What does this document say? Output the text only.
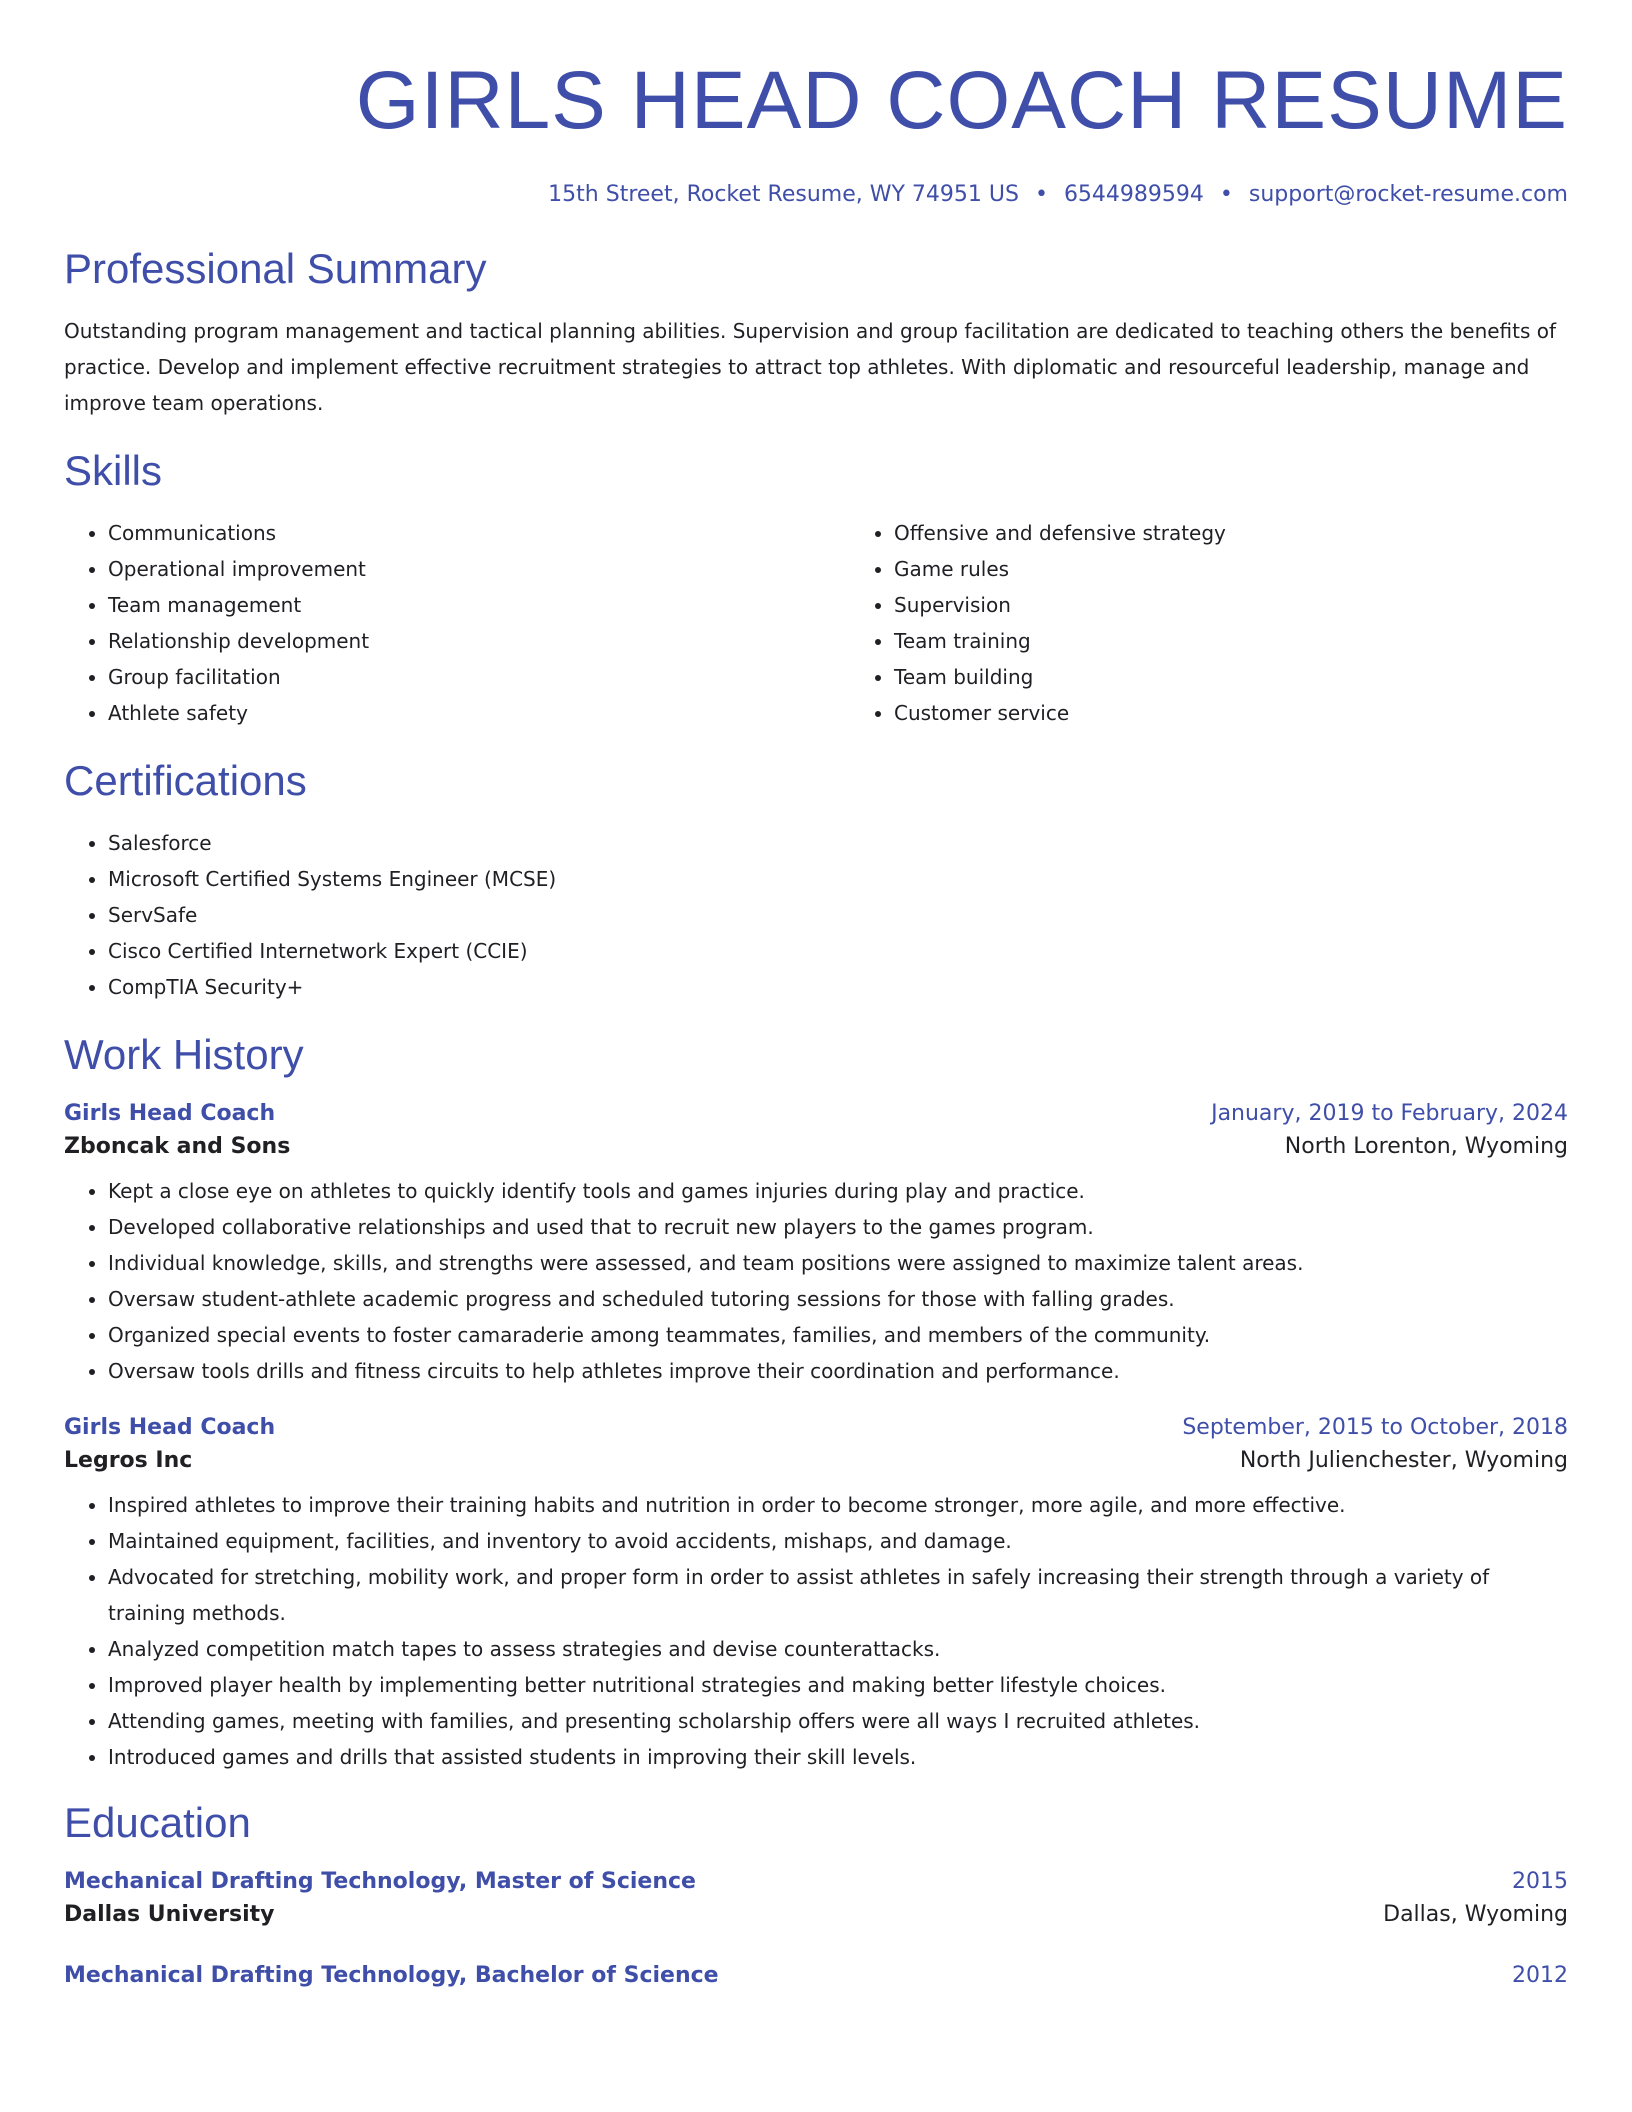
GIRLS HEAD COACH RESUME
15th Street, Rocket Resume, WY 74951 US • 6544989594 • support@rocket-resume.com
Professional Summary

Outstanding program management and tactical planning abilities. Supervision and group facilitation are dedicated to teaching others the benefits of practice. Develop and implement effective recruitment strategies to attract top athletes. With diplomatic and resourceful leadership, manage and improve team operations.

Skills
• Communications
• Operational improvement
• Team management
• Relationship development
• Group facilitation
• Athlete safety
• Offensive and defensive strategy
• Game rules
• Supervision
• Team training
• Team building
• Customer service
Certifications
• Salesforce
• Microsoft Certified Systems Engineer (MCSE)
• ServSafe
• Cisco Certified Internetwork Expert (CCIE)
• CompTIA Security+
Work History
Girls Head Coach	January, 2019 to February, 2024
Zboncak and Sons	North Lorenton, Wyoming
• Kept a close eye on athletes to quickly identify tools and games injuries during play and practice.
• Developed collaborative relationships and used that to recruit new players to the games program.
• Individual knowledge, skills, and strengths were assessed, and team positions were assigned to maximize talent areas.
• Oversaw student-athlete academic progress and scheduled tutoring sessions for those with falling grades.
• Organized special events to foster camaraderie among teammates, families, and members of the community.
• Oversaw tools drills and fitness circuits to help athletes improve their coordination and performance.
Girls Head Coach	September, 2015 to October, 2018
Legros Inc	North Julienchester, Wyoming
• Inspired athletes to improve their training habits and nutrition in order to become stronger, more agile, and more effective.
• Maintained equipment, facilities, and inventory to avoid accidents, mishaps, and damage.
• Advocated for stretching, mobility work, and proper form in order to assist athletes in safely increasing their strength through a variety of training methods.
• Analyzed competition match tapes to assess strategies and devise counterattacks.
• Improved player health by implementing better nutritional strategies and making better lifestyle choices.
• Attending games, meeting with families, and presenting scholarship offers were all ways I recruited athletes.
• Introduced games and drills that assisted students in improving their skill levels.
Education
Mechanical Drafting Technology, Master of Science	2015
Dallas University	Dallas, Wyoming
Mechanical Drafting Technology, Bachelor of Science	2012
